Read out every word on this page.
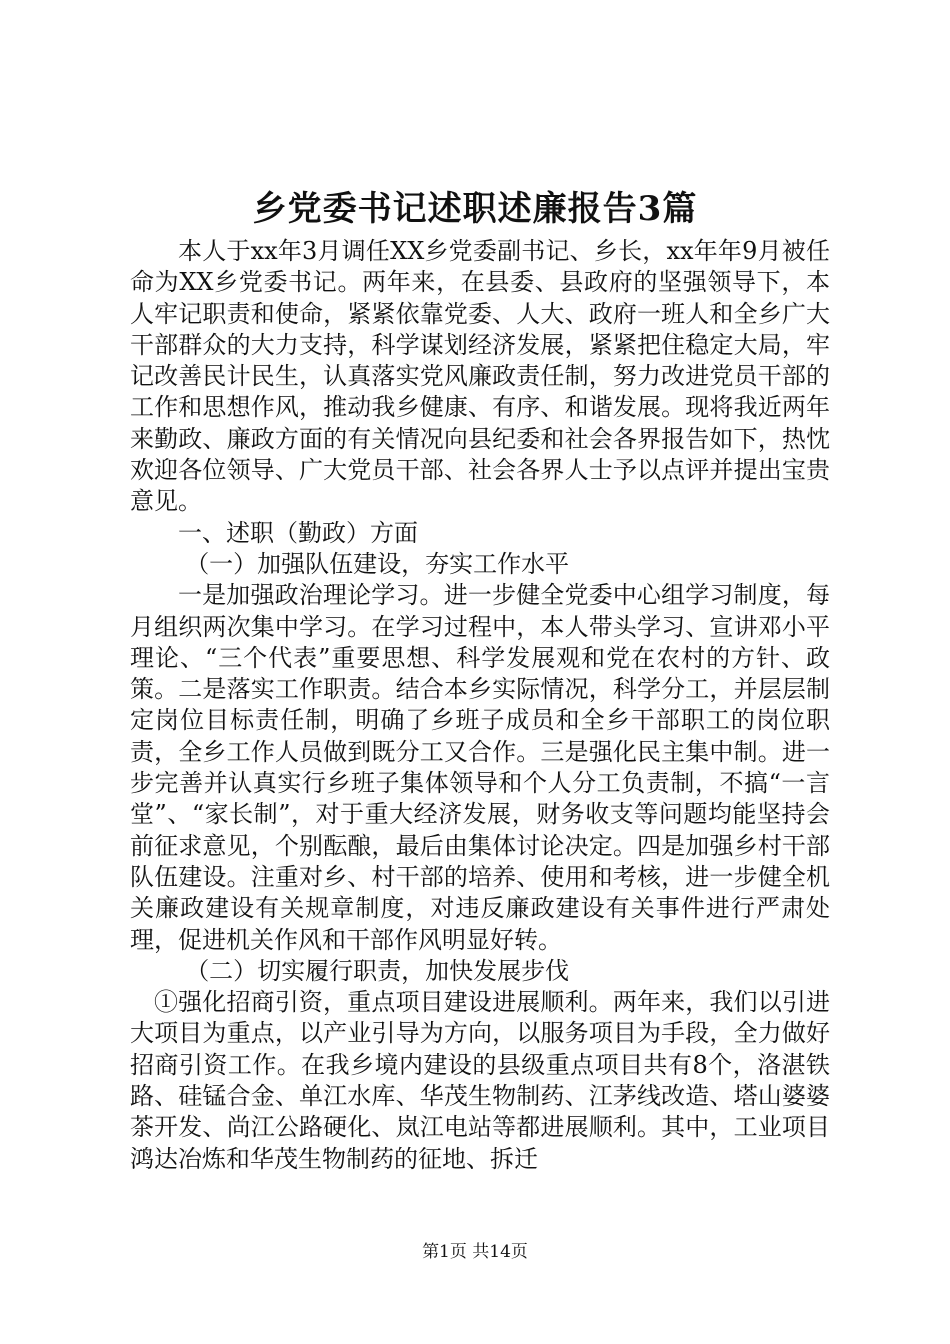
乡党委书记述职述廉报告3篇

本人于xx年3月调任XX乡党委副书记、乡长，xx年年9月被任命为XX乡党委书记。两年来，在县委、县政府的坚强领导下，本人牢记职责和使命，紧紧依靠党委、人大、政府一班人和全乡广大干部群众的大力支持，科学谋划经济发展，紧紧把住稳定大局，牢记改善民计民生，认真落实党风廉政责任制，努力改进党员干部的工作和思想作风，推动我乡健康、有序、和谐发展。现将我近两年来勤政、廉政方面的有关情况向县纪委和社会各界报告如下，热忱欢迎各位领导、广大党员干部、社会各界人士予以点评并提出宝贵意见。

一、述职（勤政）方面

（一）加强队伍建设，夯实工作水平

一是加强政治理论学习。进一步健全党委中心组学习制度，每月组织两次集中学习。在学习过程中，本人带头学习、宣讲邓小平理论、“三个代表”重要思想、科学发展观和党在农村的方针、政策。二是落实工作职责。结合本乡实际情况，科学分工，并层层制定岗位目标责任制，明确了乡班子成员和全乡干部职工的岗位职责，全乡工作人员做到既分工又合作。三是强化民主集中制。进一步完善并认真实行乡班子集体领导和个人分工负责制，不搞“一言堂”、“家长制”，对于重大经济发展，财务收支等问题均能坚持会前征求意见，个别酝酿，最后由集体讨论决定。四是加强乡村干部队伍建设。注重对乡、村干部的培养、使用和考核，进一步健全机关廉政建设有关规章制度，对违反廉政建设有关事件进行严肃处理，促进机关作风和干部作风明显好转。

（二）切实履行职责，加快发展步伐

①强化招商引资，重点项目建设进展顺利。两年来，我们以引进大项目为重点，以产业引导为方向，以服务项目为手段，全力做好招商引资工作。在我乡境内建设的县级重点项目共有8个，洛湛铁路、硅锰合金、单江水库、华茂生物制药、江茅线改造、塔山婆婆茶开发、尚江公路硬化、岚江电站等都进展顺利。其中，工业项目鸿达冶炼和华茂生物制药的征地、拆迁

第1页 共14页
